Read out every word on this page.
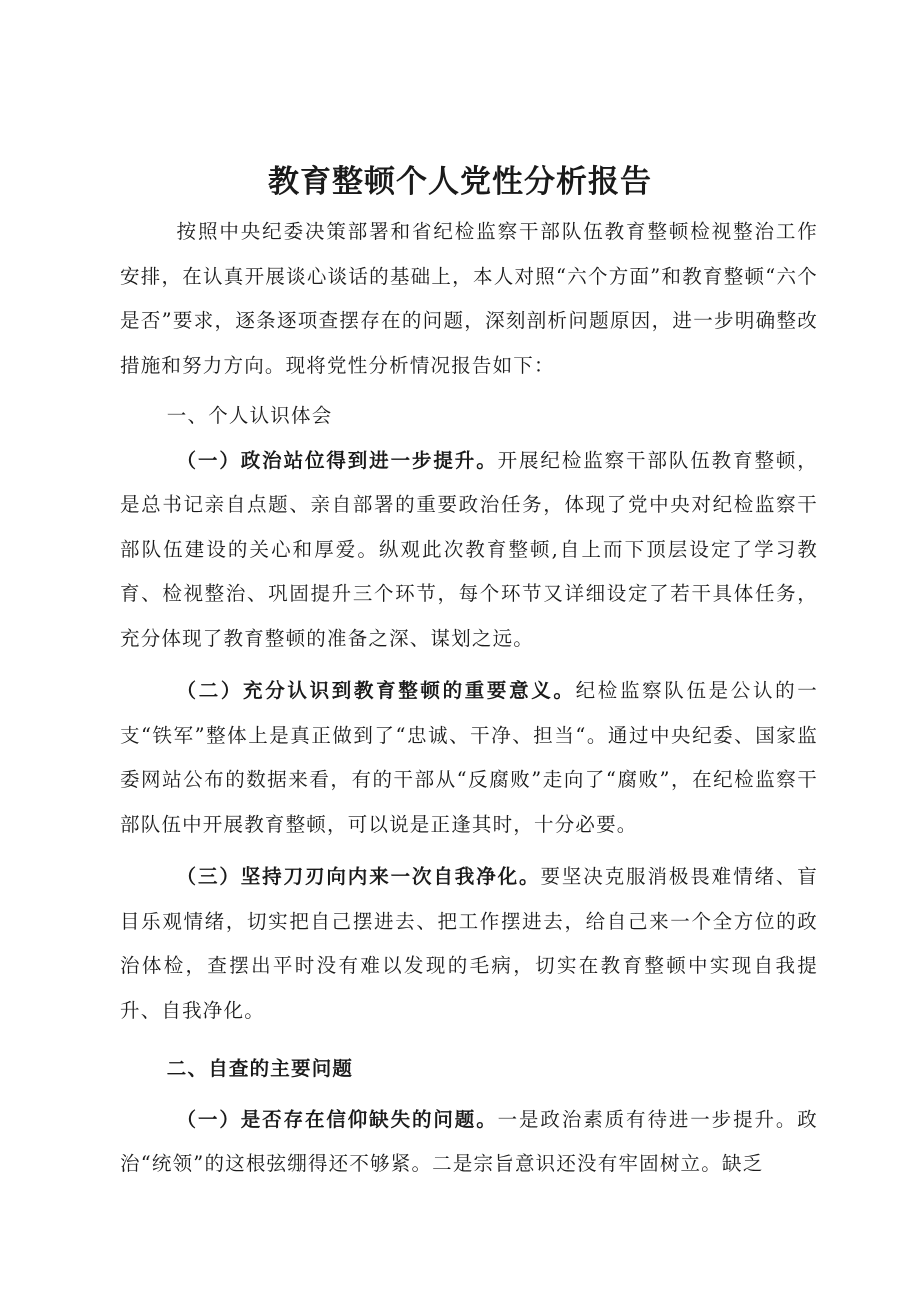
教育整顿个人党性分析报告

按照中央纪委决策部署和省纪检监察干部队伍教育整顿检视整治工作安排，在认真开展谈心谈话的基础上，本人对照“六个方面”和教育整顿“六个是否”要求，逐条逐项查摆存在的问题，深刻剖析问题原因，进一步明确整改措施和努力方向。现将党性分析情况报告如下：

一、个人认识体会

（一）政治站位得到进一步提升。开展纪检监察干部队伍教育整顿，是总书记亲自点题、亲自部署的重要政治任务，体现了党中央对纪检监察干部队伍建设的关心和厚爱。纵观此次教育整顿,自上而下顶层设定了学习教育、检视整治、巩固提升三个环节，每个环节又详细设定了若干具体任务，充分体现了教育整顿的准备之深、谋划之远。

（二）充分认识到教育整顿的重要意义。纪检监察队伍是公认的一支“铁军”整体上是真正做到了“忠诚、干净、担当“。通过中央纪委、国家监委网站公布的数据来看，有的干部从“反腐败”走向了“腐败”，在纪检监察干部队伍中开展教育整顿，可以说是正逢其时，十分必要。

（三）坚持刀刃向内来一次自我净化。要坚决克服消极畏难情绪、盲目乐观情绪，切实把自己摆进去、把工作摆进去，给自己来一个全方位的政治体检，查摆出平时没有难以发现的毛病，切实在教育整顿中实现自我提升、自我净化。

二、自查的主要问题

（一）是否存在信仰缺失的问题。一是政治素质有待进一步提升。政治“统领”的这根弦绷得还不够紧。二是宗旨意识还没有牢固树立。缺乏
